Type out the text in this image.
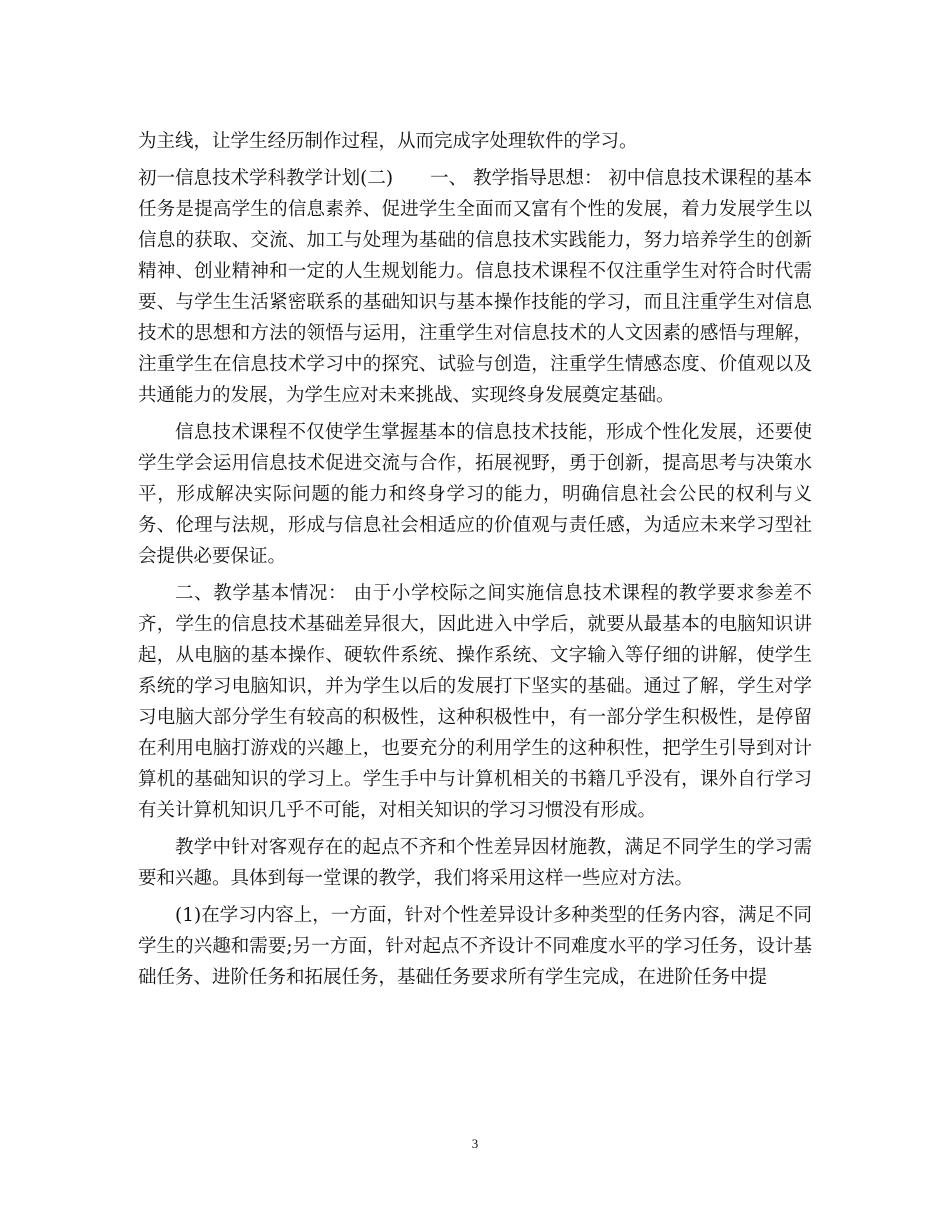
为主线，让学生经历制作过程，从而完成字处理软件的学习。

初一信息技术学科教学计划(二)　　一、 教学指导思想： 初中信息技术课程的基本任务是提高学生的信息素养、促进学生全面而又富有个性的发展，着力发展学生以信息的获取、交流、加工与处理为基础的信息技术实践能力，努力培养学生的创新精神、创业精神和一定的人生规划能力。信息技术课程不仅注重学生对符合时代需要、与学生生活紧密联系的基础知识与基本操作技能的学习，而且注重学生对信息技术的思想和方法的领悟与运用，注重学生对信息技术的人文因素的感悟与理解，注重学生在信息技术学习中的探究、试验与创造，注重学生情感态度、价值观以及共通能力的发展，为学生应对未来挑战、实现终身发展奠定基础。

信息技术课程不仅使学生掌握基本的信息技术技能，形成个性化发展，还要使学生学会运用信息技术促进交流与合作，拓展视野，勇于创新，提高思考与决策水平，形成解决实际问题的能力和终身学习的能力，明确信息社会公民的权利与义务、伦理与法规，形成与信息社会相适应的价值观与责任感，为适应未来学习型社会提供必要保证。

二、教学基本情况： 由于小学校际之间实施信息技术课程的教学要求参差不齐，学生的信息技术基础差异很大，因此进入中学后，就要从最基本的电脑知识讲起，从电脑的基本操作、硬软件系统、操作系统、文字输入等仔细的讲解，使学生系统的学习电脑知识，并为学生以后的发展打下坚实的基础。通过了解，学生对学习电脑大部分学生有较高的积极性，这种积极性中，有一部分学生积极性，是停留在利用电脑打游戏的兴趣上，也要充分的利用学生的这种积性，把学生引导到对计算机的基础知识的学习上。学生手中与计算机相关的书籍几乎没有，课外自行学习有关计算机知识几乎不可能，对相关知识的学习习惯没有形成。

教学中针对客观存在的起点不齐和个性差异因材施教，满足不同学生的学习需要和兴趣。具体到每一堂课的教学，我们将采用这样一些应对方法。

(1)在学习内容上，一方面，针对个性差异设计多种类型的任务内容，满足不同学生的兴趣和需要;另一方面，针对起点不齐设计不同难度水平的学习任务，设计基础任务、进阶任务和拓展任务，基础任务要求所有学生完成，在进阶任务中提

3
